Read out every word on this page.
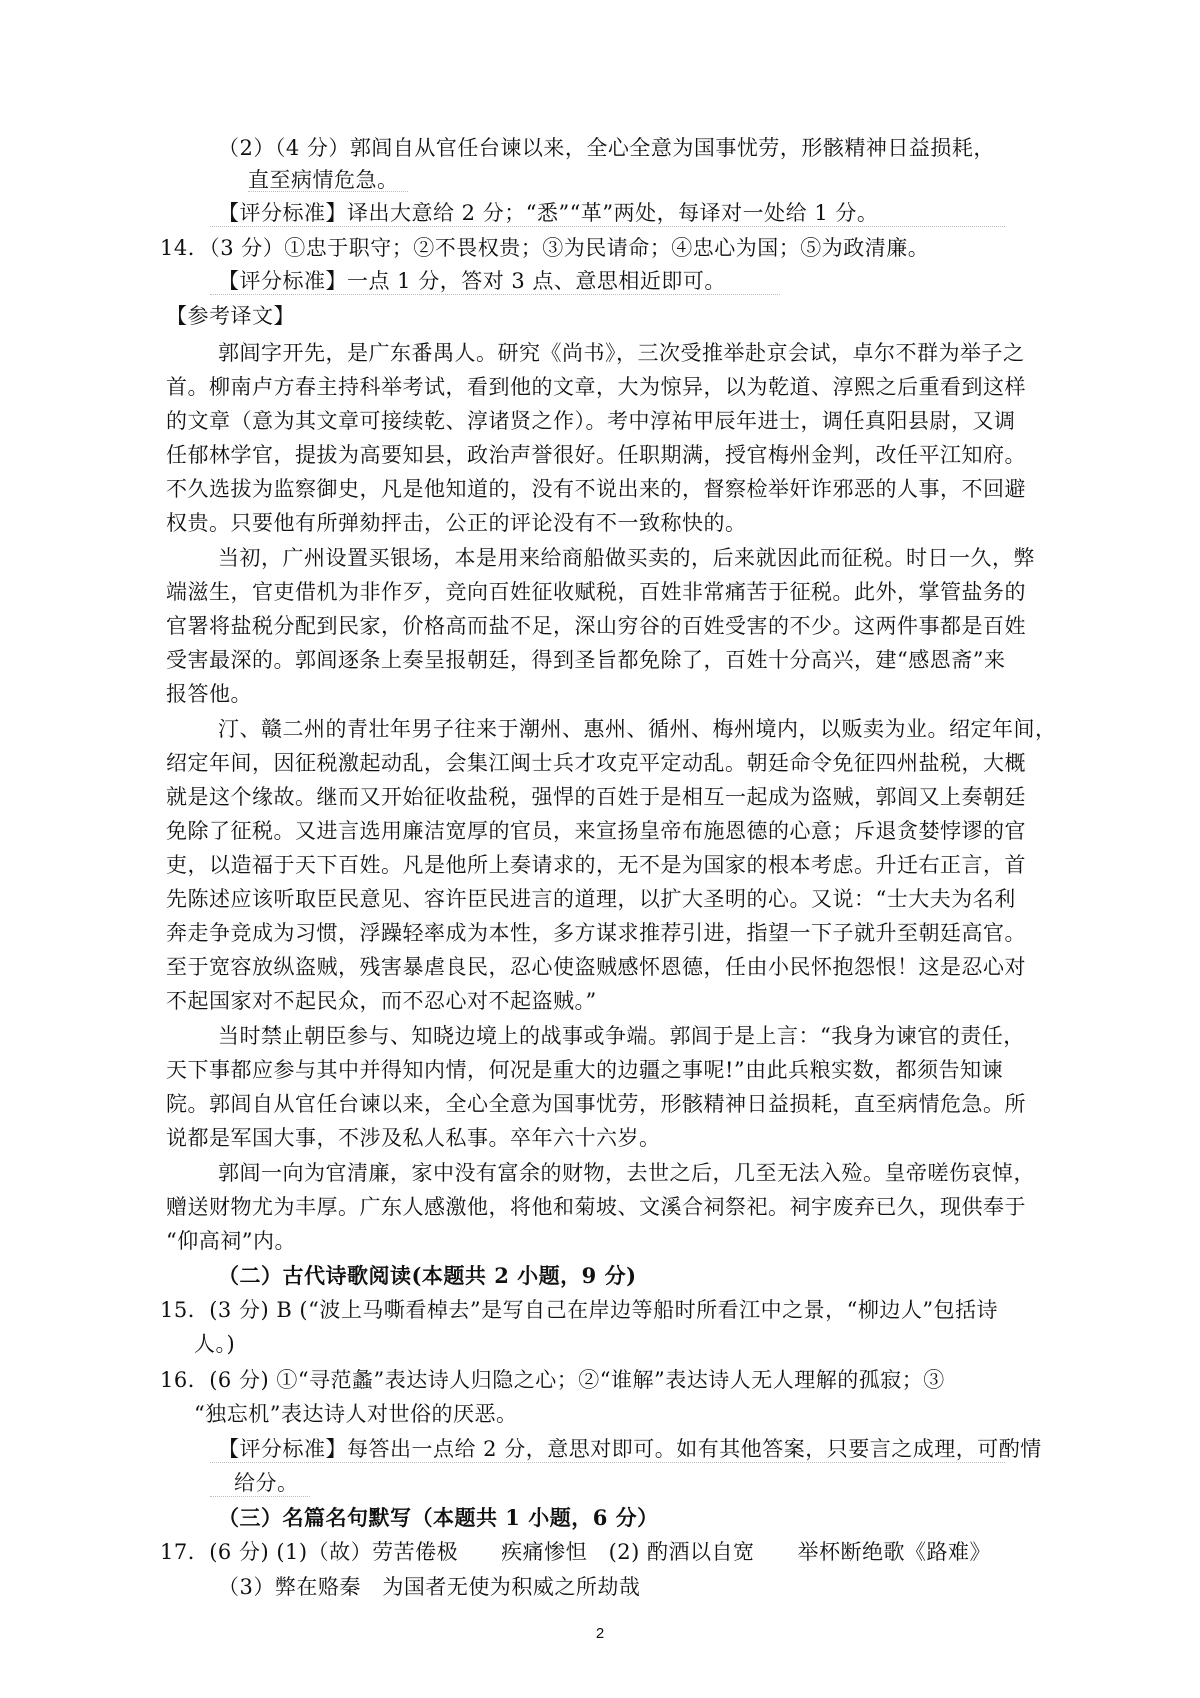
（2）（4 分）郭闾自从官任台谏以来，全心全意为国事忧劳，形骸精神日益损耗，
直至病情危急。
【评分标准】译出大意给 2 分；“悉”“革”两处，每译对一处给 1 分。
14．（3 分）①忠于职守；②不畏权贵；③为民请命；④忠心为国；⑤为政清廉。
【评分标准】一点 1 分，答对 3 点、意思相近即可。
【参考译文】
郭闾字开先，是广东番禺人。研究《尚书》，三次受推举赴京会试，卓尔不群为举子之
首。柳南卢方春主持科举考试，看到他的文章，大为惊异，以为乾道、淳熙之后重看到这样
的文章（意为其文章可接续乾、淳诸贤之作）。考中淳祐甲辰年进士，调任真阳县尉，又调
任郁林学官，提拔为高要知县，政治声誉很好。任职期满，授官梅州金判，改任平江知府。
不久选拔为监察御史，凡是他知道的，没有不说出来的，督察检举奸诈邪恶的人事，不回避
权贵。只要他有所弹劾抨击，公正的评论没有不一致称快的。
当初，广州设置买银场，本是用来给商船做买卖的，后来就因此而征税。时日一久，弊
端滋生，官吏借机为非作歹，竞向百姓征收赋税，百姓非常痛苦于征税。此外，掌管盐务的
官署将盐税分配到民家，价格高而盐不足，深山穷谷的百姓受害的不少。这两件事都是百姓
受害最深的。郭闾逐条上奏呈报朝廷，得到圣旨都免除了，百姓十分高兴，建“感恩斋”来
报答他。
汀、赣二州的青壮年男子往来于潮州、惠州、循州、梅州境内，以贩卖为业。绍定年间，
绍定年间，因征税激起动乱，会集江闽士兵才攻克平定动乱。朝廷命令免征四州盐税，大概
就是这个缘故。继而又开始征收盐税，强悍的百姓于是相互一起成为盗贼，郭闾又上奏朝廷
免除了征税。又进言选用廉洁宽厚的官员，来宣扬皇帝布施恩德的心意；斥退贪婪悖谬的官
吏，以造福于天下百姓。凡是他所上奏请求的，无不是为国家的根本考虑。升迁右正言，首
先陈述应该听取臣民意见、容许臣民进言的道理，以扩大圣明的心。又说：“士大夫为名利
奔走争竞成为习惯，浮躁轻率成为本性，多方谋求推荐引进，指望一下子就升至朝廷高官。
至于宽容放纵盗贼，残害暴虐良民，忍心使盗贼感怀恩德，任由小民怀抱怨恨！这是忍心对
不起国家对不起民众，而不忍心对不起盗贼。”
当时禁止朝臣参与、知晓边境上的战事或争端。郭闾于是上言：“我身为谏官的责任，
天下事都应参与其中并得知内情，何况是重大的边疆之事呢!”由此兵粮实数，都须告知谏
院。郭闾自从官任台谏以来，全心全意为国事忧劳，形骸精神日益损耗，直至病情危急。所
说都是军国大事，不涉及私人私事。卒年六十六岁。
郭闾一向为官清廉，家中没有富余的财物，去世之后，几至无法入殓。皇帝嗟伤哀悼，
赠送财物尤为丰厚。广东人感激他，将他和菊坡、文溪合祠祭祀。祠宇废弃已久，现供奉于
“仰高祠”内。
（二）古代诗歌阅读(本题共 2 小题，9 分)
15．(3 分) B (“波上马嘶看棹去”是写自己在岸边等船时所看江中之景，“柳边人”包括诗
人。)
16．(6 分) ①“寻范蠡”表达诗人归隐之心；②“谁解”表达诗人无人理解的孤寂；③
“独忘机”表达诗人对世俗的厌恶。
【评分标准】每答出一点给 2 分，意思对即可。如有其他答案，只要言之成理，可酌情
给分。
（三）名篇名句默写（本题共 1 小题，6 分）
17．(6 分) (1)（故）劳苦倦极　　疾痛惨怛　(2) 酌酒以自宽　　举杯断绝歌《路难》
（3）弊在赂秦　为国者无使为积威之所劫哉
2
